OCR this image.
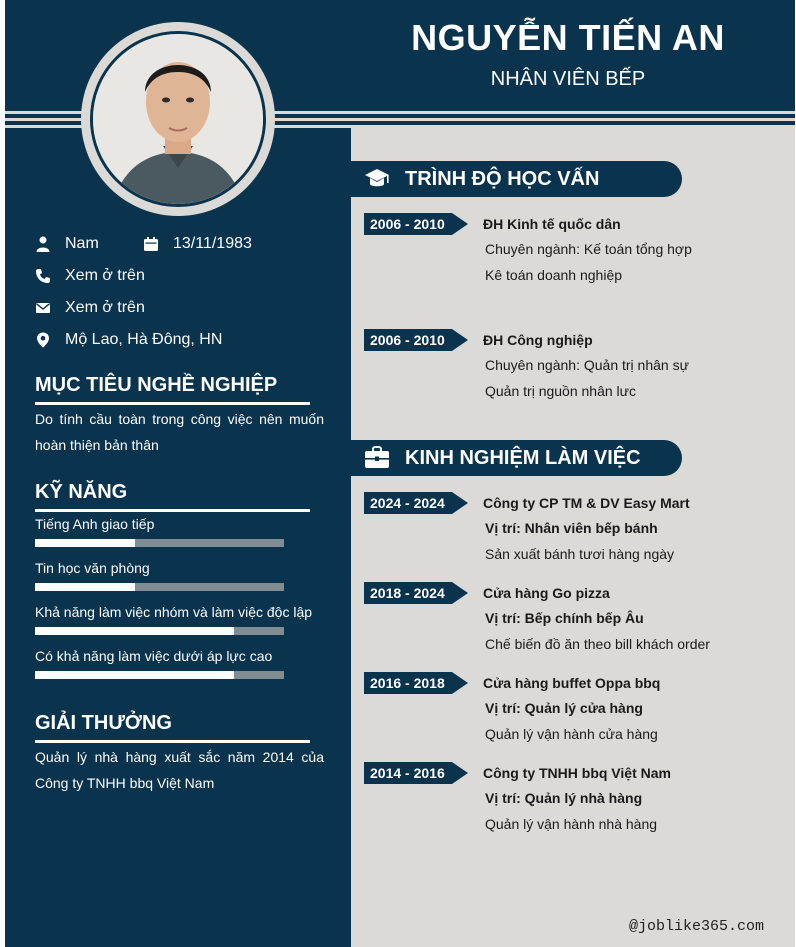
NGUYỄN TIẾN AN
NHÂN VIÊN BẾP
Nam	13/11/1983
Xem ở trên
Xem ở trên
Mộ Lao, Hà Đông, HN
MỤC TIÊU NGHỀ NGHIỆP
Do tính cầu toàn trong công việc nên muốn hoàn thiện bản thân
KỸ NĂNG
Tiếng Anh giao tiếp
Tin học văn phòng
Khả năng làm việc nhóm và làm việc độc lập
Có khả năng làm việc dưới áp lực cao
GIẢI THƯỞNG
Quản lý nhà hàng xuất sắc năm 2014 của Công ty TNHH bbq Việt Nam
TRÌNH ĐỘ HỌC VẤN
2006 - 2010	ĐH Kinh tế quốc dân
Chuyên ngành: Kế toán tổng hợp
Kê toán doanh nghiệp
2006 - 2010	ĐH Công nghiệp
Chuyên ngành: Quản trị nhân sự
Quản trị nguồn nhân lưc
KINH NGHIỆM LÀM VIỆC
2024 - 2024	Công ty CP TM & DV Easy Mart
Vị trí: Nhân viên bếp bánh
Sản xuất bánh tươi hàng ngày
2018 - 2024	Cửa hàng Go pizza
Vị trí: Bếp chính bếp Âu
Chế biến đồ ăn theo bill khách order
2016 - 2018	Cửa hàng buffet Oppa bbq
Vị trí: Quản lý cửa hàng
Quản lý vận hành cửa hàng
2014 - 2016	Công ty TNHH bbq Việt Nam
Vị trí: Quản lý nhà hàng
Quản lý vận hành nhà hàng
@joblike365.com
